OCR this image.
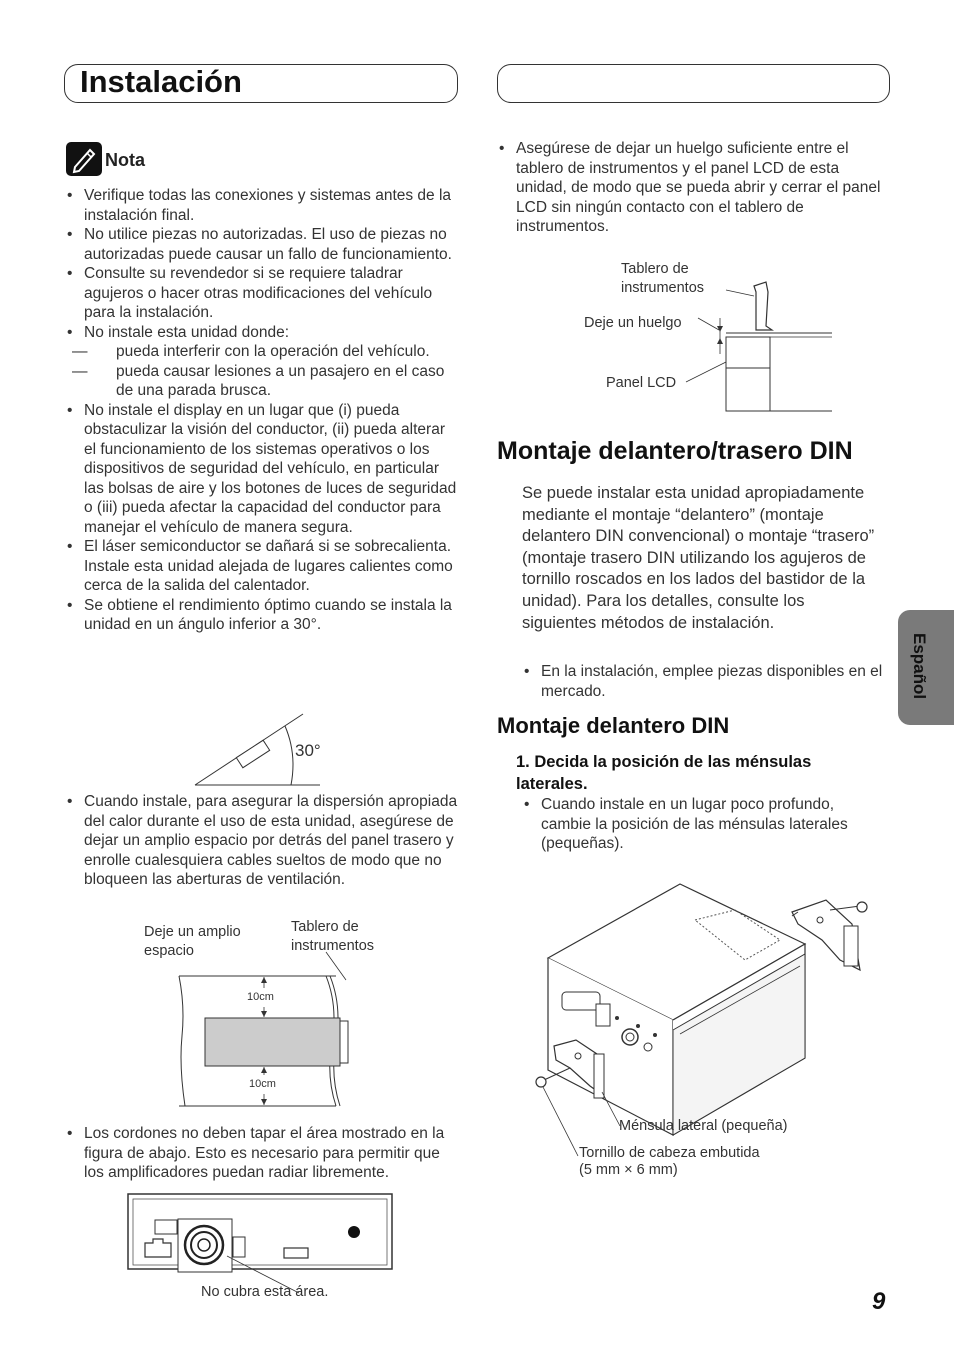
Instalación
Nota
• Verifique todas las conexiones y sistemas antes de la instalación final.
• No utilice piezas no autorizadas. El uso de piezas no autorizadas puede causar un fallo de funcionamiento.
• Consulte su revendedor si se requiere taladrar agujeros o hacer otras modificaciones del vehículo para la instalación.
• No instale esta unidad donde:
— pueda interferir con la operación del vehículo.
— pueda causar lesiones a un pasajero en el caso de una parada brusca.
• No instale el display en un lugar que (i) pueda obstaculizar la visión del conductor, (ii) pueda alterar el funcionamiento de los sistemas operativos o los dispositivos de seguridad del vehículo, en particular las bolsas de aire y los botones de luces de seguridad o (iii) pueda afectar la capacidad del conductor para manejar el vehículo de manera segura.
• El láser semiconductor se dañará si se sobrecalienta. Instale esta unidad alejada de lugares calientes como cerca de la salida del calentador.
• Se obtiene el rendimiento óptimo cuando se instala la unidad en un ángulo inferior a 30°.
30°
• Cuando instale, para asegurar la dispersión apropiada del calor durante el uso de esta unidad, asegúrese de dejar un amplio espacio por detrás del panel trasero y enrolle cualesquiera cables sueltos de modo que no bloqueen las aberturas de ventilación.
Deje un amplio espacio
Tablero de instrumentos
10cm
10cm
• Los cordones no deben tapar el área mostrado en la figura de abajo. Esto es necesario para permitir que los amplificadores puedan radiar libremente.
No cubra esta área.
• Asegúrese de dejar un huelgo suficiente entre el tablero de instrumentos y el panel LCD de esta unidad, de modo que se pueda abrir y cerrar el panel LCD sin ningún contacto con el tablero de instrumentos.
Tablero de instrumentos
Deje un huelgo
Panel LCD
Montaje delantero/trasero DIN
Se puede instalar esta unidad apropiadamente mediante el montaje “delantero” (montaje delantero DIN convencional) o montaje “trasero” (montaje trasero DIN utilizando los agujeros de tornillo roscados en los lados del bastidor de la unidad). Para los detalles, consulte los siguientes métodos de instalación.
• En la instalación, emplee piezas disponibles en el mercado.
Montaje delantero DIN
1. Decida la posición de las ménsulas laterales.
• Cuando instale en un lugar poco profundo, cambie la posición de las ménsulas laterales (pequeñas).
Ménsula lateral (pequeña)
Tornillo de cabeza embutida
(5 mm × 6 mm)
Español
9
